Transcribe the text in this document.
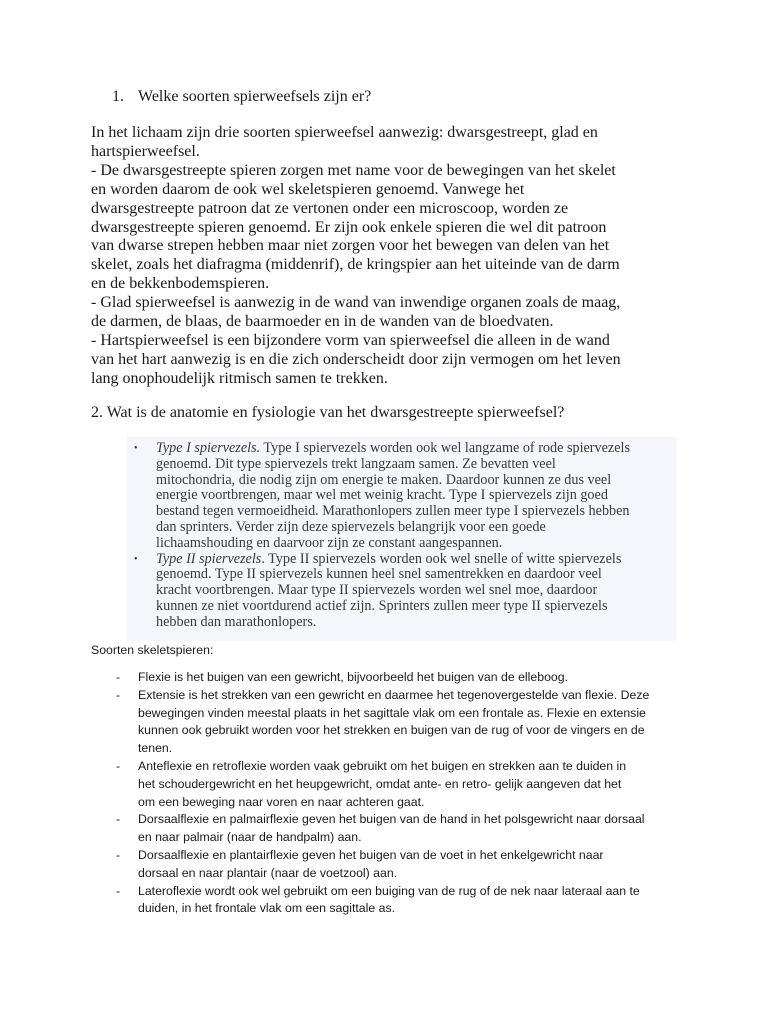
1. Welke soorten spierweefsels zijn er?
In het lichaam zijn drie soorten spierweefsel aanwezig: dwarsgestreept, glad en
hartspierweefsel.
- De dwarsgestreepte spieren zorgen met name voor de bewegingen van het skelet
en worden daarom de ook wel skeletspieren genoemd. Vanwege het
dwarsgestreepte patroon dat ze vertonen onder een microscoop, worden ze
dwarsgestreepte spieren genoemd. Er zijn ook enkele spieren die wel dit patroon
van dwarse strepen hebben maar niet zorgen voor het bewegen van delen van het
skelet, zoals het diafragma (middenrif), de kringspier aan het uiteinde van de darm
en de bekkenbodemspieren.
- Glad spierweefsel is aanwezig in de wand van inwendige organen zoals de maag,
de darmen, de blaas, de baarmoeder en in de wanden van de bloedvaten.
- Hartspierweefsel is een bijzondere vorm van spierweefsel die alleen in de wand
van het hart aanwezig is en die zich onderscheidt door zijn vermogen om het leven
lang onophoudelijk ritmisch samen te trekken.
2. Wat is de anatomie en fysiologie van het dwarsgestreepte spierweefsel?
• Type I spiervezels. Type I spiervezels worden ook wel langzame of rode spiervezels
genoemd. Dit type spiervezels trekt langzaam samen. Ze bevatten veel
mitochondria, die nodig zijn om energie te maken. Daardoor kunnen ze dus veel
energie voortbrengen, maar wel met weinig kracht. Type I spiervezels zijn goed
bestand tegen vermoeidheid. Marathonlopers zullen meer type I spiervezels hebben
dan sprinters. Verder zijn deze spiervezels belangrijk voor een goede
lichaamshouding en daarvoor zijn ze constant aangespannen.
• Type II spiervezels. Type II spiervezels worden ook wel snelle of witte spiervezels
genoemd. Type II spiervezels kunnen heel snel samentrekken en daardoor veel
kracht voortbrengen. Maar type II spiervezels worden wel snel moe, daardoor
kunnen ze niet voortdurend actief zijn. Sprinters zullen meer type II spiervezels
hebben dan marathonlopers.

Soorten skeletspieren:

- Flexie is het buigen van een gewricht, bijvoorbeeld het buigen van de elleboog.
- Extensie is het strekken van een gewricht en daarmee het tegenovergestelde van flexie. Deze
bewegingen vinden meestal plaats in het sagittale vlak om een frontale as. Flexie en extensie
kunnen ook gebruikt worden voor het strekken en buigen van de rug of voor de vingers en de
tenen.
- Anteflexie en retroflexie worden vaak gebruikt om het buigen en strekken aan te duiden in
het schoudergewricht en het heupgewricht, omdat ante- en retro- gelijk aangeven dat het
om een beweging naar voren en naar achteren gaat.
- Dorsaalflexie en palmairflexie geven het buigen van de hand in het polsgewricht naar dorsaal
en naar palmair (naar de handpalm) aan.
- Dorsaalflexie en plantairflexie geven het buigen van de voet in het enkelgewricht naar
dorsaal en naar plantair (naar de voetzool) aan.
- Lateroflexie wordt ook wel gebruikt om een buiging van de rug of de nek naar lateraal aan te
duiden, in het frontale vlak om een sagittale as.
